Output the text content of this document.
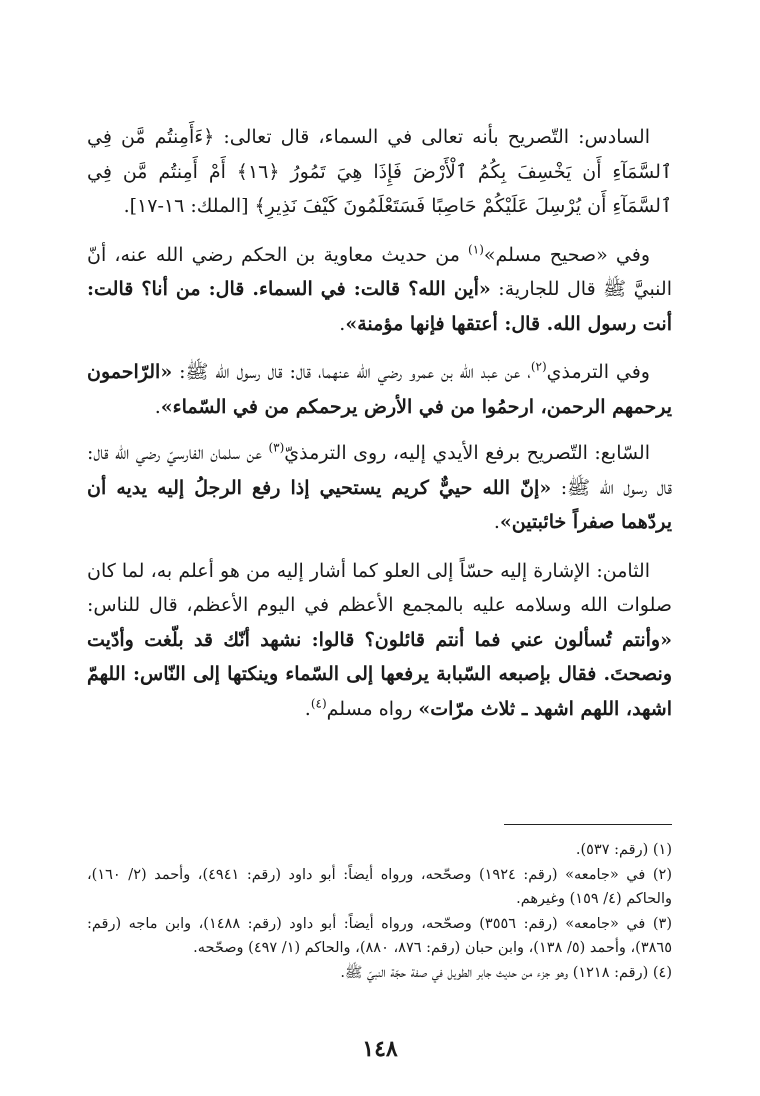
السادس: التّصريح بأنه تعالى في السماء، قال تعالى: ﴿ءَأَمِنتُم مَّن فِي ٱلسَّمَآءِ أَن يَخْسِفَ بِكُمُ ٱلْأَرْضَ فَإِذَا هِيَ تَمُورُ ﴿١٦﴾ أَمْ أَمِنتُم مَّن فِي ٱلسَّمَآءِ أَن يُرْسِلَ عَلَيْكُمْ حَاصِبًا فَسَتَعْلَمُونَ كَيْفَ نَذِيرِ﴾ [الملك: ١٦-١٧].

وفي «صحيح مسلم»$^{(١)}$ من حديث معاوية بن الحكم رضي الله عنه، أنّ النبيَّ ﷺ قال للجارية: «أين الله؟ قالت: في السماء. قال: من أنا؟ قالت: أنت رسول الله. قال: أعتقها فإنها مؤمنة».

وفي الترمذي$^{(٢)}$، عن عبد الله بن عمرو رضي الله عنهما، قال: قال رسول الله ﷺ: «الرّاحمون يرحمهم الرحمن، ارحمُوا من في الأرض يرحمكم من في السّماء».

السّابع: التّصريح برفع الأيدي إليه، روى الترمذيّ$^{(٣)}$ عن سلمان الفارسيّ رضي الله قال: قال رسول الله ﷺ: «إنّ الله حييٌّ كريم يستحيي إذا رفع الرجلُ إليه يديه أن يردّهما صفراً خائبتين».

الثامن: الإشارة إليه حسّاً إلى العلو كما أشار إليه من هو أعلم به، لما كان صلوات الله وسلامه عليه بالمجمع الأعظم في اليوم الأعظم، قال للناس: «وأنتم تُسألون عني فما أنتم قائلون؟ قالوا: نشهد أنّك قد بلّغت وأدّيت ونصحتَ. فقال بإصبعه السّبابة يرفعها إلى السّماء وينكتها إلى النّاس: اللهمّ اشهد، اللهم اشهد ـ ثلاث مرّات» رواه مسلم$^{(٤)}$.

(١) (رقم: ٥٣٧).

(٢) في «جامعه» (رقم: ١٩٢٤) وصحّحه، ورواه أيضاً: أبو داود (رقم: ٤٩٤١)، وأحمد (٢/ ١٦٠)، والحاكم (٤/ ١٥٩) وغيرهم.

(٣) في «جامعه» (رقم: ٣٥٥٦) وصحّحه، ورواه أيضاً: أبو داود (رقم: ١٤٨٨)، وابن ماجه (رقم: ٣٨٦٥)، وأحمد (٥/ ١٣٨)، وابن حبان (رقم: ٨٧٦، ٨٨٠)، والحاكم (١/ ٤٩٧) وصحّحه.

(٤) (رقم: ١٢١٨) وهو جزء من حديث جابر الطويل في صفة حجّة النبيّ ﷺ.

١٤٨
